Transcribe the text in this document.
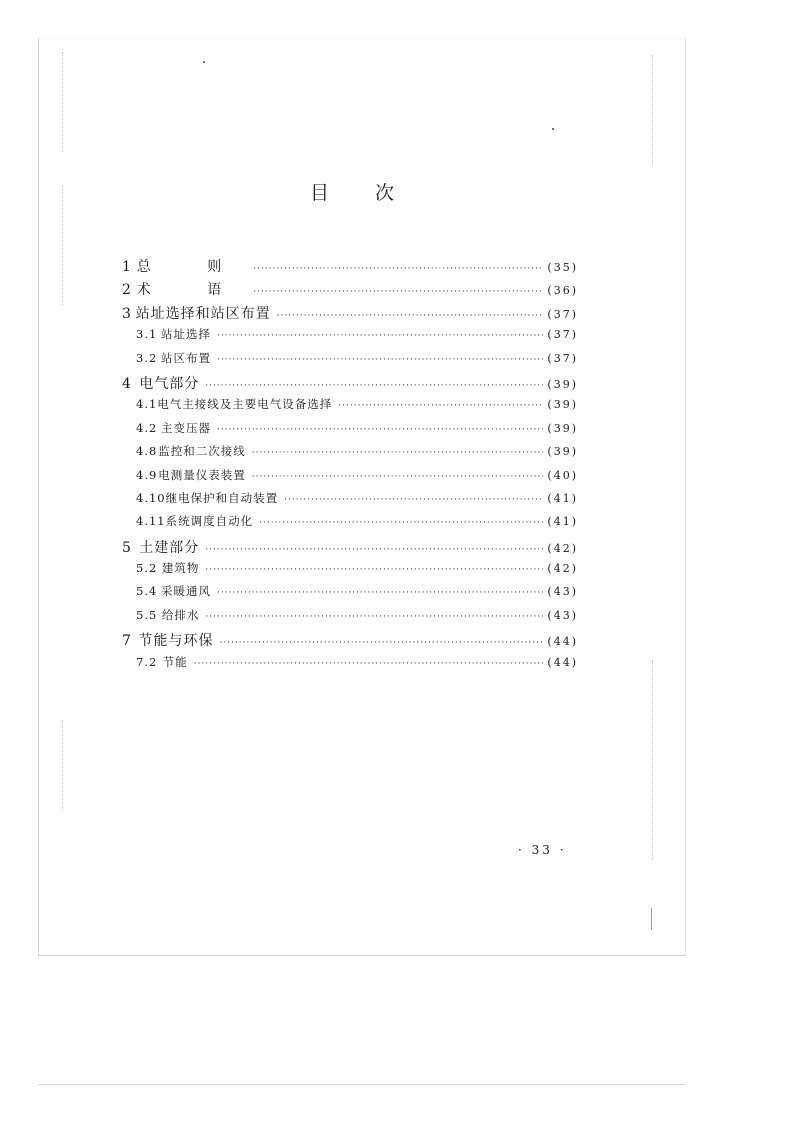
目 次
1 总 则 ·····	(35)
2 术 语 ·····	(36)
3 站址选择和站区布置 ·····	(37)
3.1 站址选择 ·····	(37)
3.2 站区布置 ·····	(37)
4 电气部分 ·····	(39)
4.1 电气主接线及主要电气设备选择 ·····	(39)
4.2 主变压器 ·····	(39)
4.8 监控和二次接线 ·····	(39)
4.9 电测量仪表装置 ·····	(40)
4.10 继电保护和自动装置 ·····	(41)
4.11 系统调度自动化 ·····	(41)
5 土建部分 ·····	(42)
5.2 建筑物 ·····	(42)
5.4 采暖通风 ·····	(43)
5.5 给排水 ·····	(43)
7 节能与环保 ·····	(44)
7.2 节能 ·····	(44)
· 33 ·
